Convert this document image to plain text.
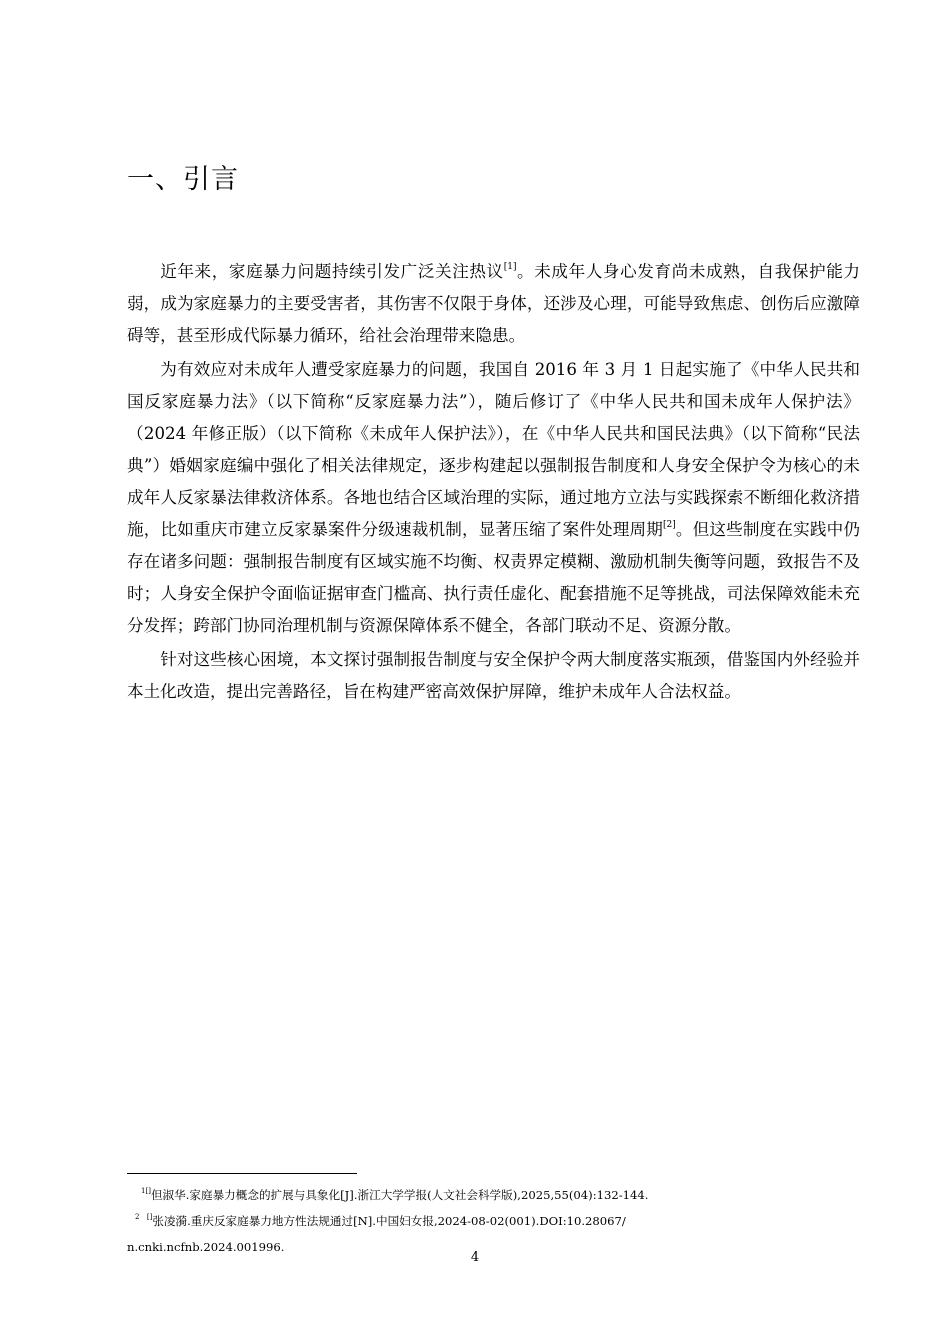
一、引言

近年来，家庭暴力问题持续引发广泛关注热议[1]。未成年人身心发育尚未成熟，自我保护能力弱，成为家庭暴力的主要受害者，其伤害不仅限于身体，还涉及心理，可能导致焦虑、创伤后应激障碍等，甚至形成代际暴力循环，给社会治理带来隐患。

为有效应对未成年人遭受家庭暴力的问题，我国自 2016 年 3 月 1 日起实施了《中华人民共和国反家庭暴力法》（以下简称“反家庭暴力法”），随后修订了《中华人民共和国未成年人保护法》（2024 年修正版）（以下简称《未成年人保护法》），在《中华人民共和国民法典》（以下简称“民法典”）婚姻家庭编中强化了相关法律规定，逐步构建起以强制报告制度和人身安全保护令为核心的未成年人反家暴法律救济体系。各地也结合区域治理的实际，通过地方立法与实践探索不断细化救济措施，比如重庆市建立反家暴案件分级速裁机制，显著压缩了案件处理周期[2]。但这些制度在实践中仍存在诸多问题：强制报告制度有区域实施不均衡、权责界定模糊、激励机制失衡等问题，致报告不及时；人身安全保护令面临证据审查门槛高、执行责任虚化、配套措施不足等挑战，司法保障效能未充分发挥；跨部门协同治理机制与资源保障体系不健全，各部门联动不足、资源分散。

针对这些核心困境，本文探讨强制报告制度与安全保护令两大制度落实瓶颈，借鉴国内外经验并本土化改造，提出完善路径，旨在构建严密高效保护屏障，维护未成年人合法权益。

$^{1[]}$但淑华.家庭暴力概念的扩展与具象化[J].浙江大学学报(人文社会科学版),2025,55(04):132-144.

$^2$ []张凌漪.重庆反家庭暴力地方性法规通过[N].中国妇女报,2024-08-02(001).DOI:10.28067/

n.cnki.ncfnb.2024.001996.

4
